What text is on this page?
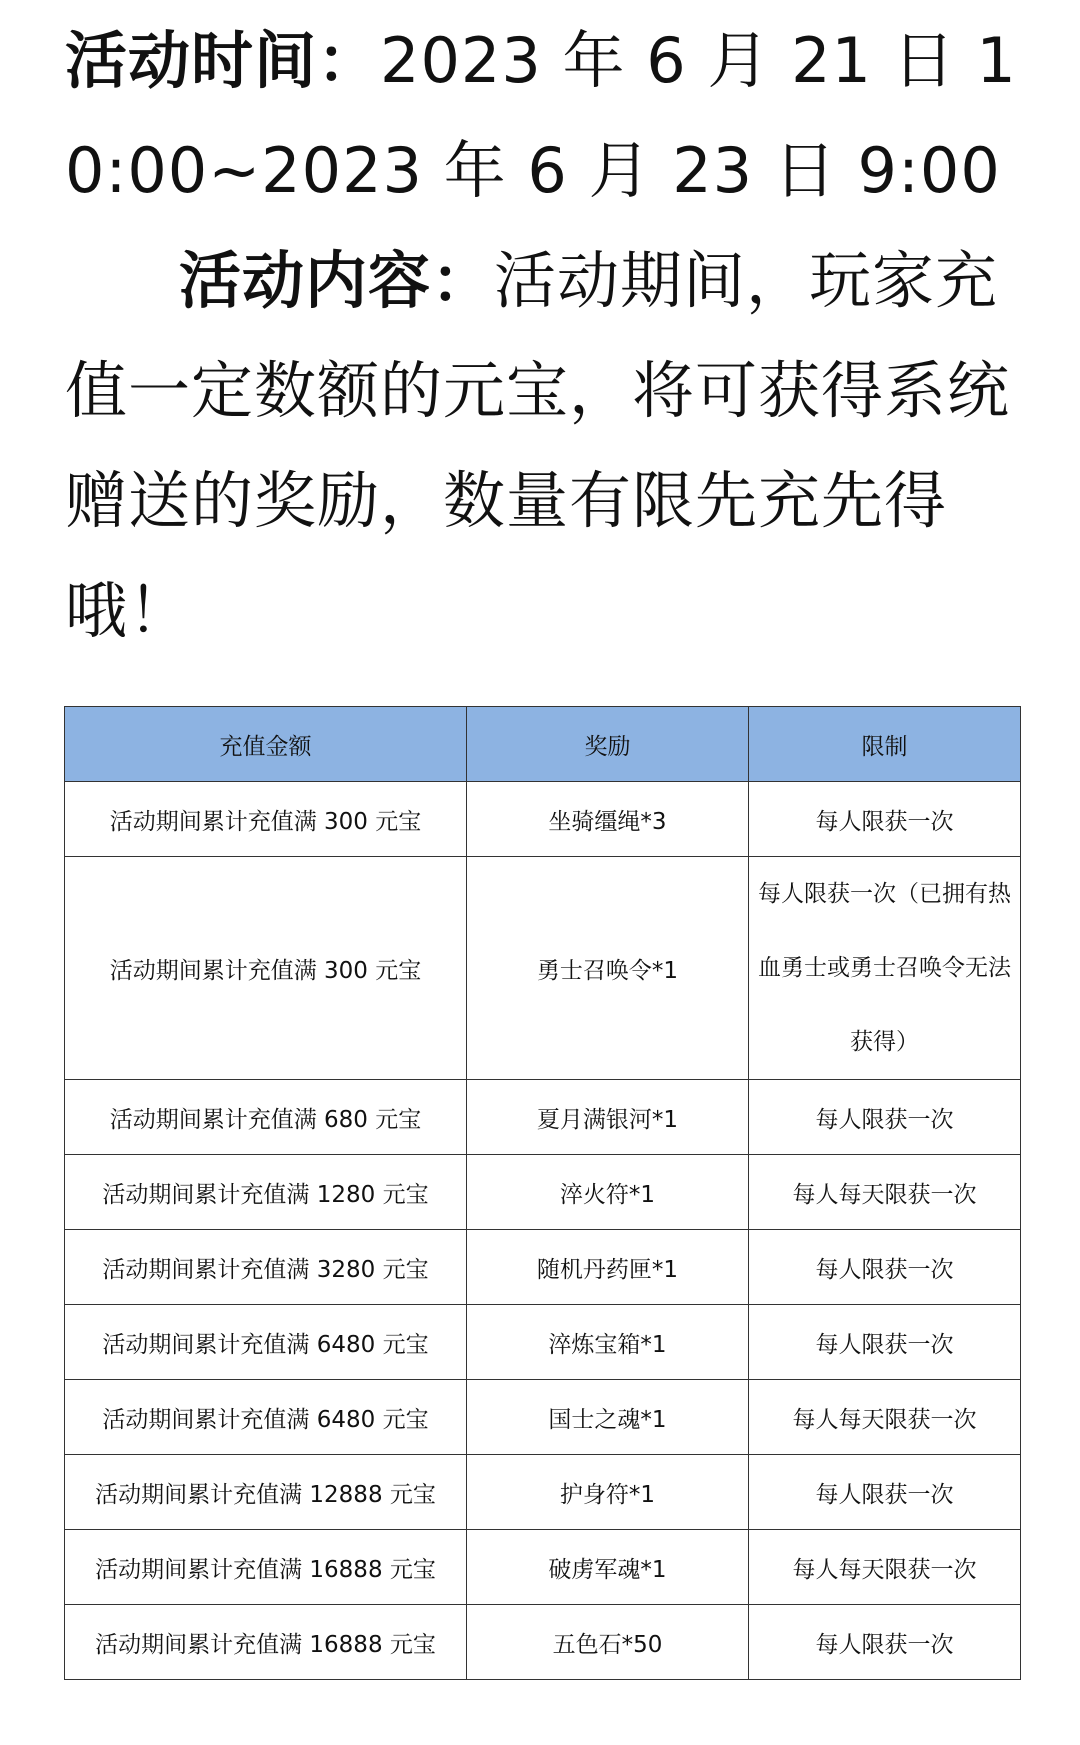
活动时间：2023 年 6 月 21 日 10:00~2023 年 6 月 23 日 9:00

活动内容：活动期间，玩家充值一定数额的元宝，将可获得系统赠送的奖励，数量有限先充先得哦！

充值金额	奖励	限制
活动期间累计充值满 300 元宝	坐骑缰绳*3	每人限获一次
活动期间累计充值满 300 元宝	勇士召唤令*1	每人限获一次（已拥有热血勇士或勇士召唤令无法获得）
活动期间累计充值满 680 元宝	夏月满银河*1	每人限获一次
活动期间累计充值满 1280 元宝	淬火符*1	每人每天限获一次
活动期间累计充值满 3280 元宝	随机丹药匣*1	每人限获一次
活动期间累计充值满 6480 元宝	淬炼宝箱*1	每人限获一次
活动期间累计充值满 6480 元宝	国士之魂*1	每人每天限获一次
活动期间累计充值满 12888 元宝	护身符*1	每人限获一次
活动期间累计充值满 16888 元宝	破虏军魂*1	每人每天限获一次
活动期间累计充值满 16888 元宝	五色石*50	每人限获一次
